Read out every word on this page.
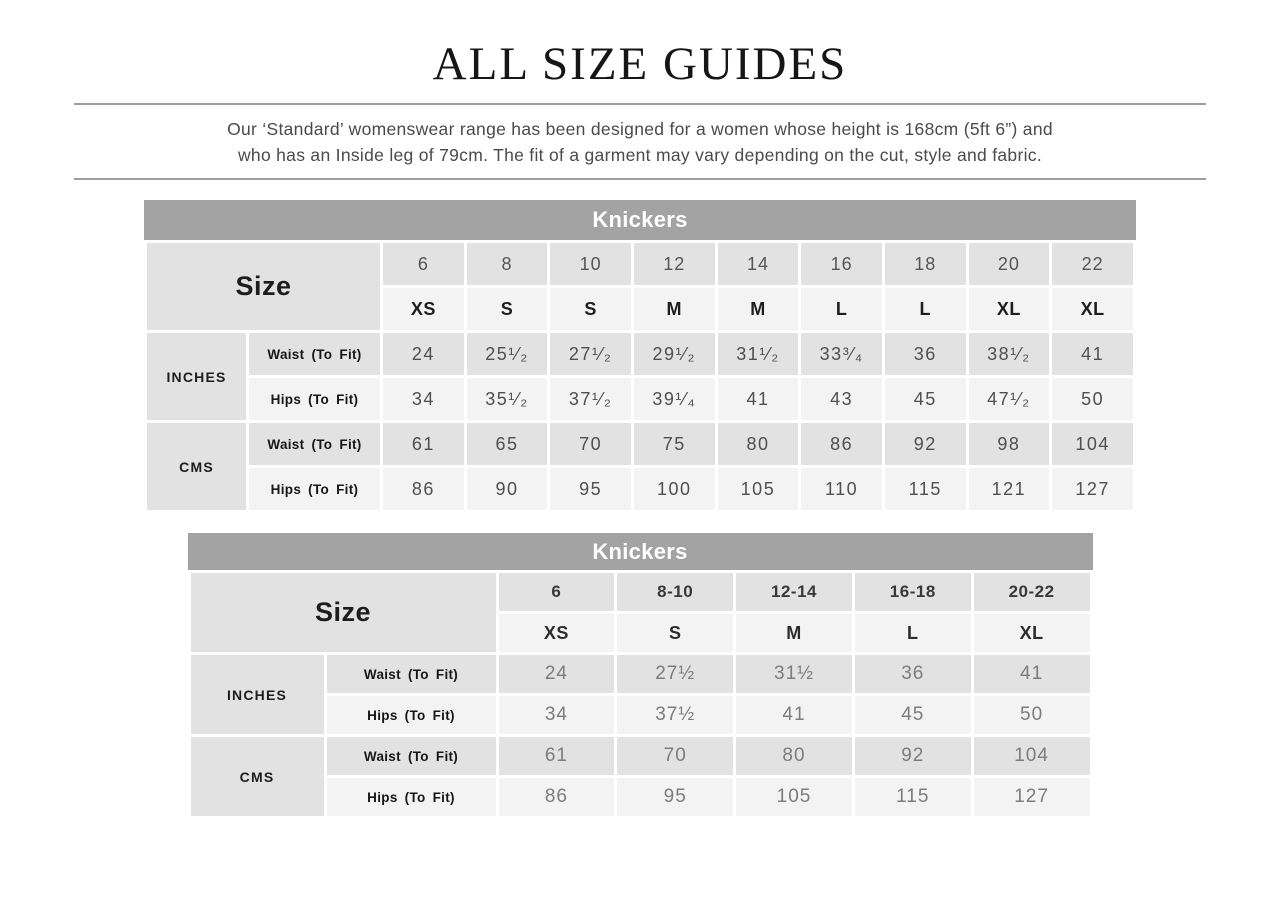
ALL SIZE GUIDES
Our ‘Standard’ womenswear range has been designed for a women whose height is 168cm (5ft 6”) and
who has an Inside leg of 79cm. The fit of a garment may vary depending on the cut, style and fabric.
Knickers
Size		6	8	10	12	14	16	18	20	22
		XS	S	S	M	M	L	L	XL	XL
INCHES	Waist (To Fit)	24	25¹⁄₂	27¹⁄₂	29¹⁄₂	31¹⁄₂	33³⁄₄	36	38¹⁄₂	41
	Hips (To Fit)	34	35¹⁄₂	37¹⁄₂	39¹⁄₄	41	43	45	47¹⁄₂	50
CMS	Waist (To Fit)	61	65	70	75	80	86	92	98	104
	Hips (To Fit)	86	90	95	100	105	110	115	121	127
Knickers
Size		6	8-10	12-14	16-18	20-22
		XS	S	M	L	XL
INCHES	Waist (To Fit)	24	27½	31½	36	41
	Hips (To Fit)	34	37½	41	45	50
CMS	Waist (To Fit)	61	70	80	92	104
	Hips (To Fit)	86	95	105	115	127
